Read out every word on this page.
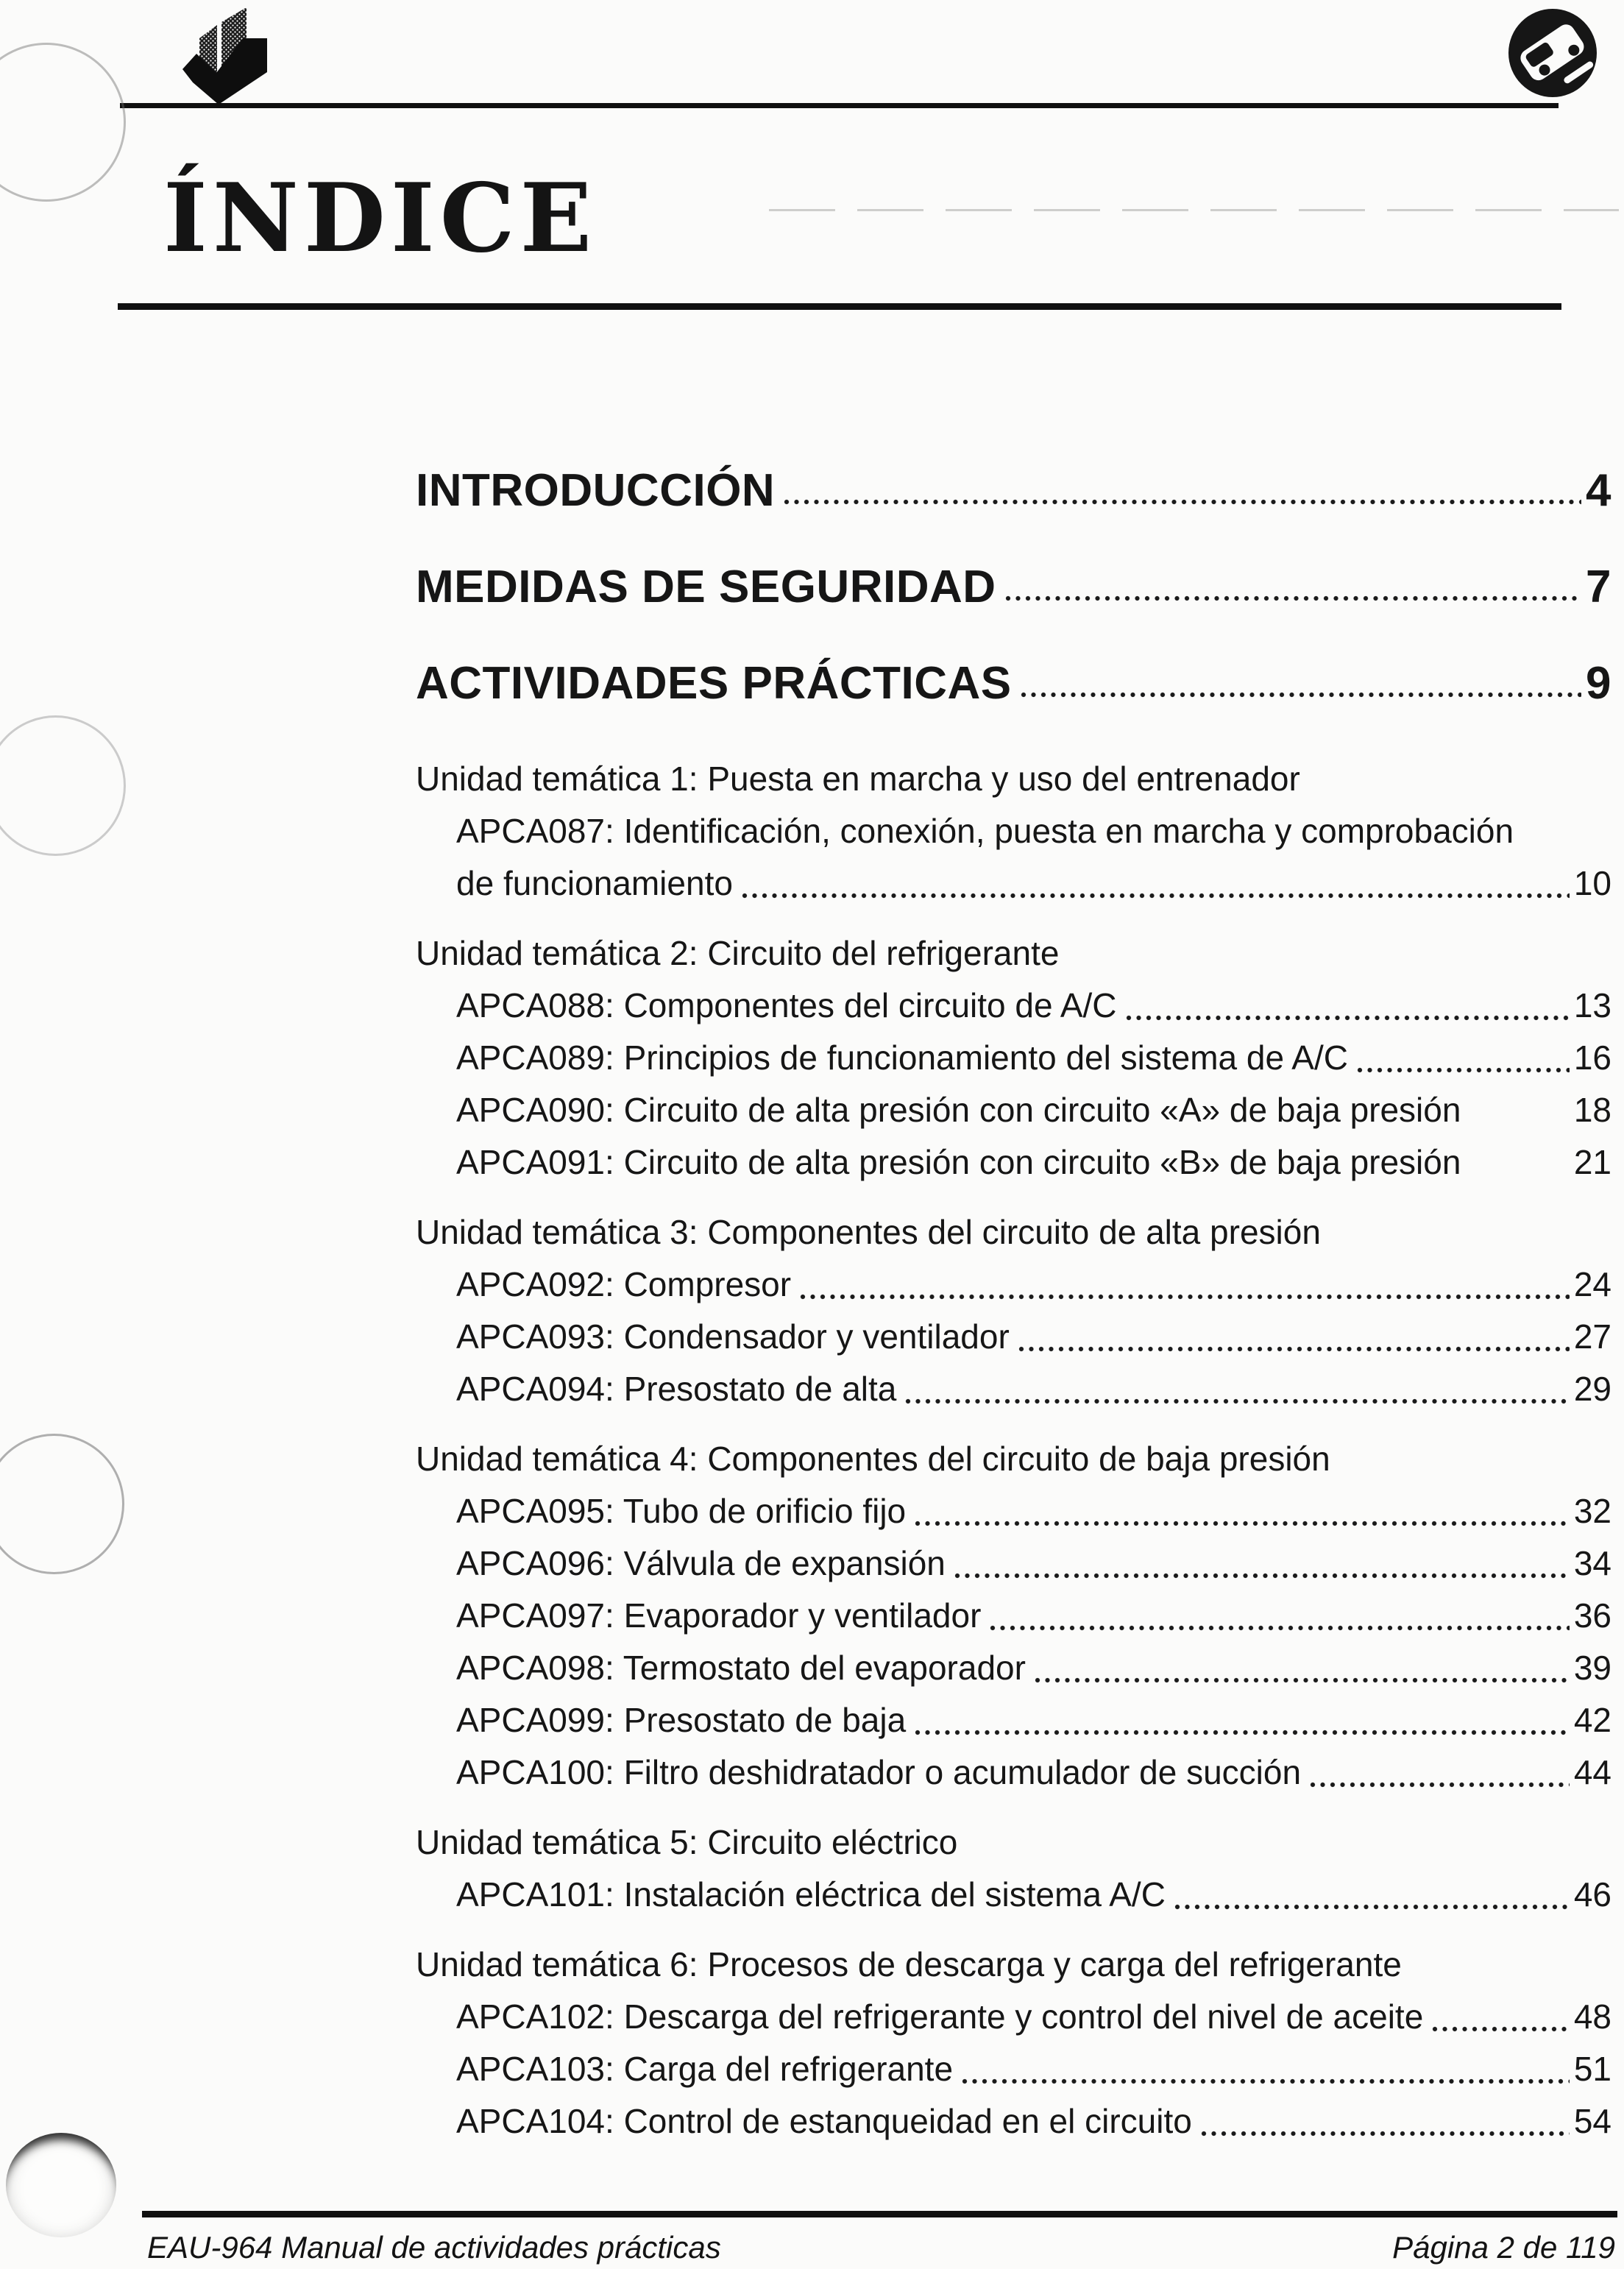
ÍNDICE
INTRODUCCIÓN	4
MEDIDAS DE SEGURIDAD	7
ACTIVIDADES PRÁCTICAS	9
Unidad temática 1: Puesta en marcha y uso del entrenador
APCA087: Identificación, conexión, puesta en marcha y comprobación
de funcionamiento	10
Unidad temática 2: Circuito del refrigerante
APCA088: Componentes del circuito de A/C	13
APCA089: Principios de funcionamiento del sistema de A/C	16
APCA090: Circuito de alta presión con circuito «A» de baja presión	18
APCA091: Circuito de alta presión con circuito «B» de baja presión	21
Unidad temática 3: Componentes del circuito de alta presión
APCA092: Compresor	24
APCA093: Condensador y ventilador	27
APCA094: Presostato de alta	29
Unidad temática 4: Componentes del circuito de baja presión
APCA095: Tubo de orificio fijo	32
APCA096: Válvula de expansión	34
APCA097: Evaporador y ventilador	36
APCA098: Termostato del evaporador	39
APCA099: Presostato de baja	42
APCA100: Filtro deshidratador o acumulador de succión	44
Unidad temática 5: Circuito eléctrico
APCA101: Instalación eléctrica del sistema A/C	46
Unidad temática 6: Procesos de descarga y carga del refrigerante
APCA102: Descarga del refrigerante y control del nivel de aceite	48
APCA103: Carga del refrigerante	51
APCA104: Control de estanqueidad en el circuito	54
EAU-964 Manual de actividades prácticas	Página 2 de 119
